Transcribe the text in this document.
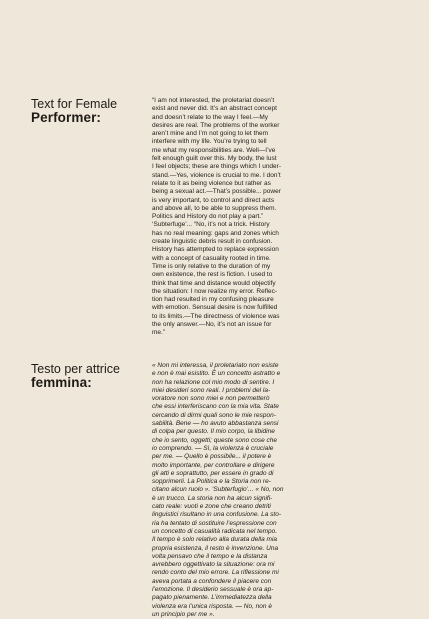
Text for Female
Performer:

“I am not interested, the proletariat doesn’t
exist and never did. It’s an abstract concept
and doesn’t relate to the way I feel.—My
desires are real. The problems of the worker
aren’t mine and I’m not going to let them
interfere with my life. You’re trying to tell
me what my responsibilities are. Well—I’ve
felt enough guilt over this. My body, the lust
I feel objects; these are things which I under-
stand.—Yes, violence is crucial to me. I don’t
relate to it as being violence but rather as
being a sexual act.—That’s possible... power
is very important, to control and direct acts
and above all, to be able to suppress them.
Politics and History do not play a part.”
‘Subterfuge’... “No, it’s not a trick. History
has no real meaning: gaps and zones which
create linguistic debris result in confusion.
History has attempted to replace expression
with a concept of casuality rooted in time.
Time is only relative to the duration of my
own existence, the rest is fiction. I used to
think that time and distance would objectify
the situation: I now realize my error. Reflec-
tion had resulted in my confusing pleasure
with emotion. Sensual desire is now fulfilled
to its limits.—The directness of violence was
the only answer.—No, it’s not an issue for
me.”

Testo per attrice
femmina:

« Non mi interessa, il proletariato non esiste
e non è mai esistito. È un concetto astratto e
non ha relazione col mio modo di sentire. I
miei desideri sono reali. I problemi del la-
voratore non sono miei e non permetterò
che essi interferiscano con la mia vita. State
cercando di dirmi quali sono le mie respon-
sabilità. Bene — ho avuto abbastanza sensi
di colpa per questo. Il mio corpo, la libidine
che io sento, oggetti; queste sono cose che
io comprendo. — Sì, la violenza è cruciale
per me. — Quello è possibile... il potere è
molto importante, per controllare e dirigere
gli atti e soprattutto, per essere in grado di
sopprimerli. La Politica e la Storia non re-
citano alcun ruolo ». ‘Subterfugio’... « No, non
è un trucco. La storia non ha alcun signifi-
cato reale: vuoti e zone che creano detriti
linguistici risultano in una confusione. La sto-
ria ha tentato di sostituire l’espressione con
un concetto di casualità radicata nel tempo.
Il tempo è solo relativo alla durata della mia
propria esistenza, il resto è invenzione. Una
volta pensavo che il tempo e la distanza
avrebbero oggettivato la situazione: ora mi
rendo conto del mio errore. La riflessione mi
aveva portata a confondere il piacere con
l’emozione. Il desiderio sessuale è ora ap-
pagato pienamente. L’immediatezza della
violenza era l’unica risposta. — No, non è
un principio per me ».
